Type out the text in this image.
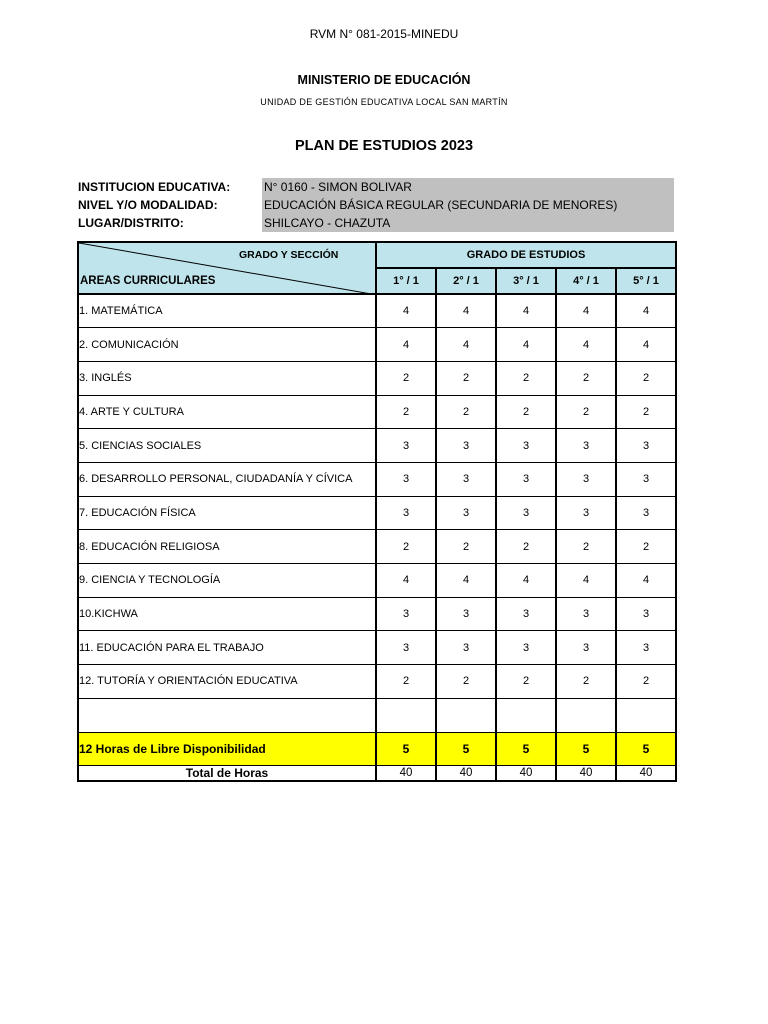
RVM N° 081-2015-MINEDU
MINISTERIO DE EDUCACIÓN
UNIDAD DE GESTIÓN EDUCATIVA LOCAL SAN MARTÍN
PLAN DE ESTUDIOS 2023
INSTITUCION EDUCATIVA:	N° 0160 - SIMON BOLIVAR
NIVEL Y/O MODALIDAD:	EDUCACIÓN BÁSICA REGULAR (SECUNDARIA DE MENORES)
LUGAR/DISTRITO:	SHILCAYO - CHAZUTA
GRADO Y SECCIÓN
AREAS CURRICULARES	GRADO DE ESTUDIOS				
	1° / 1	2° / 1	3° / 1	4° / 1	5° / 1
1. MATEMÁTICA	4	4	4	4	4
2. COMUNICACIÓN	4	4	4	4	4
3. INGLÉS	2	2	2	2	2
4. ARTE Y CULTURA	2	2	2	2	2
5. CIENCIAS SOCIALES	3	3	3	3	3
6. DESARROLLO PERSONAL, CIUDADANÍA Y CÍVICA	3	3	3	3	3
7. EDUCACIÓN FÍSICA	3	3	3	3	3
8. EDUCACIÓN RELIGIOSA	2	2	2	2	2
9. CIENCIA Y TECNOLOGÍA	4	4	4	4	4
10.KICHWA	3	3	3	3	3
11. EDUCACIÓN PARA EL TRABAJO	3	3	3	3	3
12. TUTORÍA Y ORIENTACIÓN EDUCATIVA	2	2	2	2	2

12 Horas de Libre Disponibilidad	5	5	5	5	5
Total de Horas	40	40	40	40	40
